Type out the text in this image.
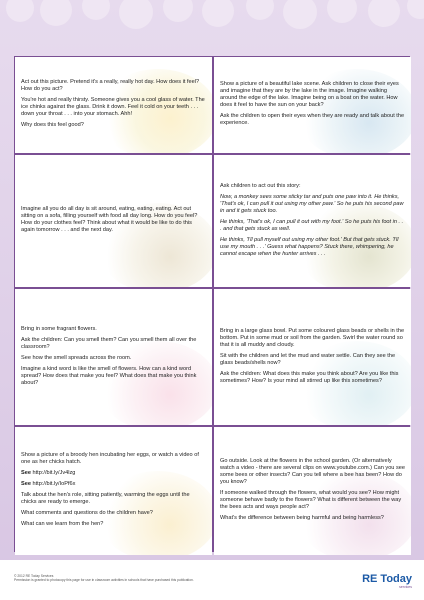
Act out this picture. Pretend it's a really, really hot day. How does it feel? How do you act?

You're hot and really thirsty. Someone gives you a cool glass of water. The ice chinks against the glass. Drink it down. Feel it cold on your teeth . . . down your throat . . . into your stomach. Ahh!

Why does this feel good?

Show a picture of a beautiful lake scene. Ask children to close their eyes and imagine that they are by the lake in the image. Imagine walking around the edge of the lake. Imagine being on a boat on the water. How does it feel to have the sun on your back?

Ask the children to open their eyes when they are ready and talk about the experience.

Imagine all you do all day is sit around, eating, eating, eating. Act out sitting on a sofa, filling yourself with food all day long. How do you feel? How do your clothes feel? Think about what it would be like to do this again tomorrow . . . and the next day.

Ask children to act out this story:

Now, a monkey sees some sticky tar and puts one paw into it. He thinks, 'That's ok, I can pull it out using my other paw.' So he puts his second paw in and it gets stuck too.

He thinks, 'That's ok, I can pull it out with my foot.' So he puts his foot in . . . and that gets stuck as well.

He thinks, 'I'll pull myself out using my other foot.' But that gets stuck. 'I'll use my mouth . . .' Guess what happens? Stuck there, whimpering, he cannot escape when the hunter arrives . . .

Bring in some fragrant flowers.

Ask the children: Can you smell them? Can you smell them all over the classroom?

See how the smell spreads across the room.

Imagine a kind word is like the smell of flowers. How can a kind word spread? How does that make you feel? What does that make you think about?

Bring in a large glass bowl. Put some coloured glass beads or shells in the bottom. Put in some mud or soil from the garden. Swirl the water round so that it is all muddy and cloudy.

Sit with the children and let the mud and water settle. Can they see the glass beads/shells now?

Ask the children: What does this make you think about? Are you like this sometimes? How? Is your mind all stirred up like this sometimes?

Show a picture of a broody hen incubating her eggs, or watch a video of one as her chicks hatch.

See http://bit.ly/Jv4lzg

See http://bit.ly/IoPf6x

Talk about the hen's role, sitting patiently, warming the eggs until the chicks are ready to emerge.

What comments and questions do the children have?

What can we learn from the hen?

Go outside. Look at the flowers in the school garden. (Or alternatively watch a video - there are several clips on www.youtube.com.) Can you see some bees or other insects? Can you tell where a bee has been? How do you know?

If someone walked through the flowers, what would you see? How might someone behave badly to the flowers? What is different between the way the bees acts and ways people act?

What's the difference between being harmful and being harmless?

© 2012 RE Today Services
Permission is granted to photocopy this page for use in classroom activities in schools that have purchased this publication.	RE Today
services
